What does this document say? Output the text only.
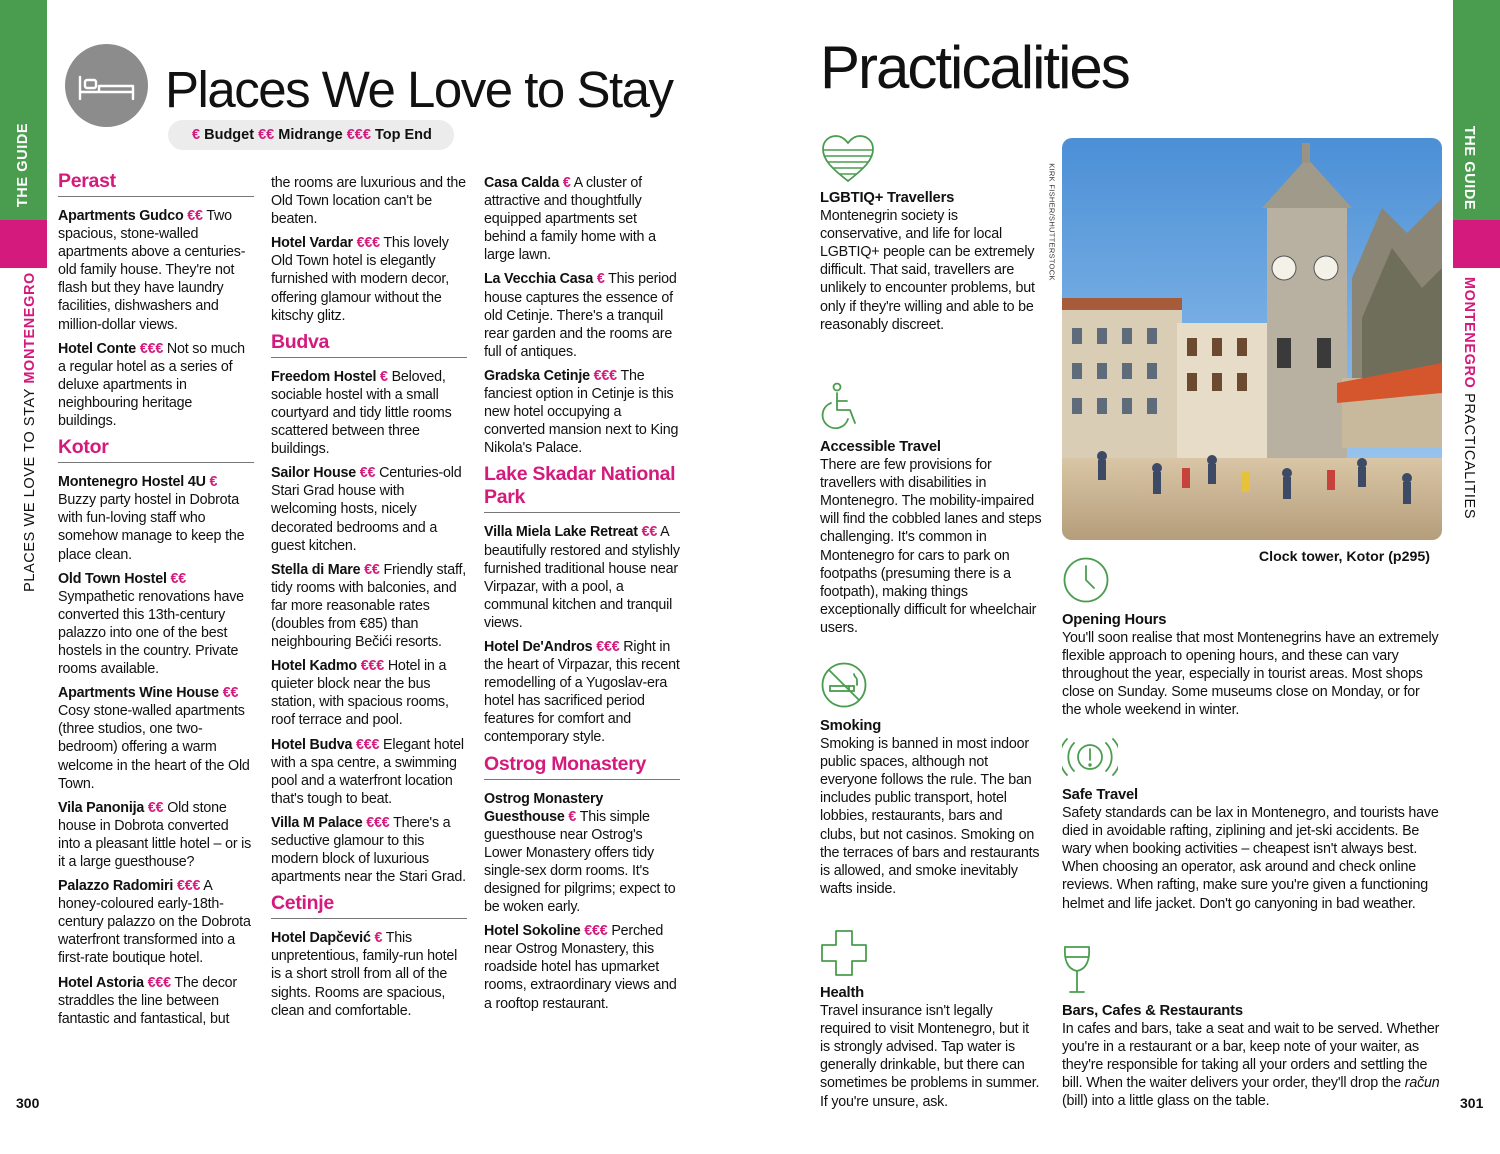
THE GUIDE
PLACES WE LOVE TO STAY MONTENEGRO
THE GUIDE
MONTENEGRO PRACTICALITIES
Places We Love to Stay
€ Budget €€ Midrange €€€ Top End
Perast
Apartments Gudco €€ Two spacious, stone-walled apartments above a centuries-old family house. They're not flash but they have laundry facilities, dishwashers and million-dollar views.
Hotel Conte €€€ Not so much a regular hotel as a series of deluxe apartments in neighbouring heritage buildings.
Kotor
Montenegro Hostel 4U € Buzzy party hostel in Dobrota with fun-loving staff who somehow manage to keep the place clean.
Old Town Hostel €€ Sympathetic renovations have converted this 13th-century palazzo into one of the best hostels in the country. Private rooms available.
Apartments Wine House €€ Cosy stone-walled apartments (three studios, one two-bedroom) offering a warm welcome in the heart of the Old Town.
Vila Panonija €€ Old stone house in Dobrota converted into a pleasant little hotel – or is it a large guesthouse?
Palazzo Radomiri €€€ A honey-coloured early-18th-century palazzo on the Dobrota waterfront transformed into a first-rate boutique hotel.
Hotel Astoria €€€ The decor straddles the line between fantastic and fantastical, but
the rooms are luxurious and the Old Town location can't be beaten.
Hotel Vardar €€€ This lovely Old Town hotel is elegantly furnished with modern decor, offering glamour without the kitschy glitz.
Budva
Freedom Hostel € Beloved, sociable hostel with a small courtyard and tidy little rooms scattered between three buildings.
Sailor House €€ Centuries-old Stari Grad house with welcoming hosts, nicely decorated bedrooms and a guest kitchen.
Stella di Mare €€ Friendly staff, tidy rooms with balconies, and far more reasonable rates (doubles from €85) than neighbouring Bečići resorts.
Hotel Kadmo €€€ Hotel in a quieter block near the bus station, with spacious rooms, roof terrace and pool.
Hotel Budva €€€ Elegant hotel with a spa centre, a swimming pool and a waterfront location that's tough to beat.
Villa M Palace €€€ There's a seductive glamour to this modern block of luxurious apartments near the Stari Grad.
Cetinje
Hotel Dapčević € This unpretentious, family-run hotel is a short stroll from all of the sights. Rooms are spacious, clean and comfortable.
Casa Calda € A cluster of attractive and thoughtfully equipped apartments set behind a family home with a large lawn.
La Vecchia Casa € This period house captures the essence of old Cetinje. There's a tranquil rear garden and the rooms are full of antiques.
Gradska Cetinje €€€ The fanciest option in Cetinje is this new hotel occupying a converted mansion next to King Nikola's Palace.
Lake Skadar National Park
Villa Miela Lake Retreat €€ A beautifully restored and stylishly furnished traditional house near Virpazar, with a pool, a communal kitchen and tranquil views.
Hotel De'Andros €€€ Right in the heart of Virpazar, this recent remodelling of a Yugoslav-era hotel has sacrificed period features for comfort and contemporary style.
Ostrog Monastery
Ostrog Monastery Guesthouse € This simple guesthouse near Ostrog's Lower Monastery offers tidy single-sex dorm rooms. It's designed for pilgrims; expect to be woken early.
Hotel Sokoline €€€ Perched near Ostrog Monastery, this roadside hotel has upmarket rooms, extraordinary views and a rooftop restaurant.
300
Practicalities
LGBTIQ+ Travellers
Montenegrin society is conservative, and life for local LGBTIQ+ people can be extremely difficult. That said, travellers are unlikely to encounter problems, but only if they're willing and able to be reasonably discreet.
Accessible Travel
There are few provisions for travellers with disabilities in Montenegro. The mobility-impaired will find the cobbled lanes and steps challenging. It's common in Montenegro for cars to park on footpaths (presuming there is a footpath), making things exceptionally difficult for wheelchair users.
Smoking
Smoking is banned in most indoor public spaces, although not everyone follows the rule. The ban includes public transport, hotel lobbies, restaurants, bars and clubs, but not casinos. Smoking on the terraces of bars and restaurants is allowed, and smoke inevitably wafts inside.
Health
Travel insurance isn't legally required to visit Montenegro, but it is strongly advised. Tap water is generally drinkable, but there can sometimes be problems in summer. If you're unsure, ask.
KIRK FISHER/SHUTTERSTOCK
Clock tower, Kotor (p295)
Opening Hours
You'll soon realise that most Montenegrins have an extremely flexible approach to opening hours, and these can vary throughout the year, especially in tourist areas. Most shops close on Sunday. Some museums close on Monday, or for the whole weekend in winter.
Safe Travel
Safety standards can be lax in Montenegro, and tourists have died in avoidable rafting, ziplining and jet-ski accidents. Be wary when booking activities – cheapest isn't always best. When choosing an operator, ask around and check online reviews. When rafting, make sure you're given a functioning helmet and life jacket. Don't go canyoning in bad weather.
Bars, Cafes & Restaurants
In cafes and bars, take a seat and wait to be served. Whether you're in a restaurant or a bar, keep note of your waiter, as they're responsible for taking all your orders and settling the bill. When the waiter delivers your order, they'll drop the račun (bill) into a little glass on the table.	301
